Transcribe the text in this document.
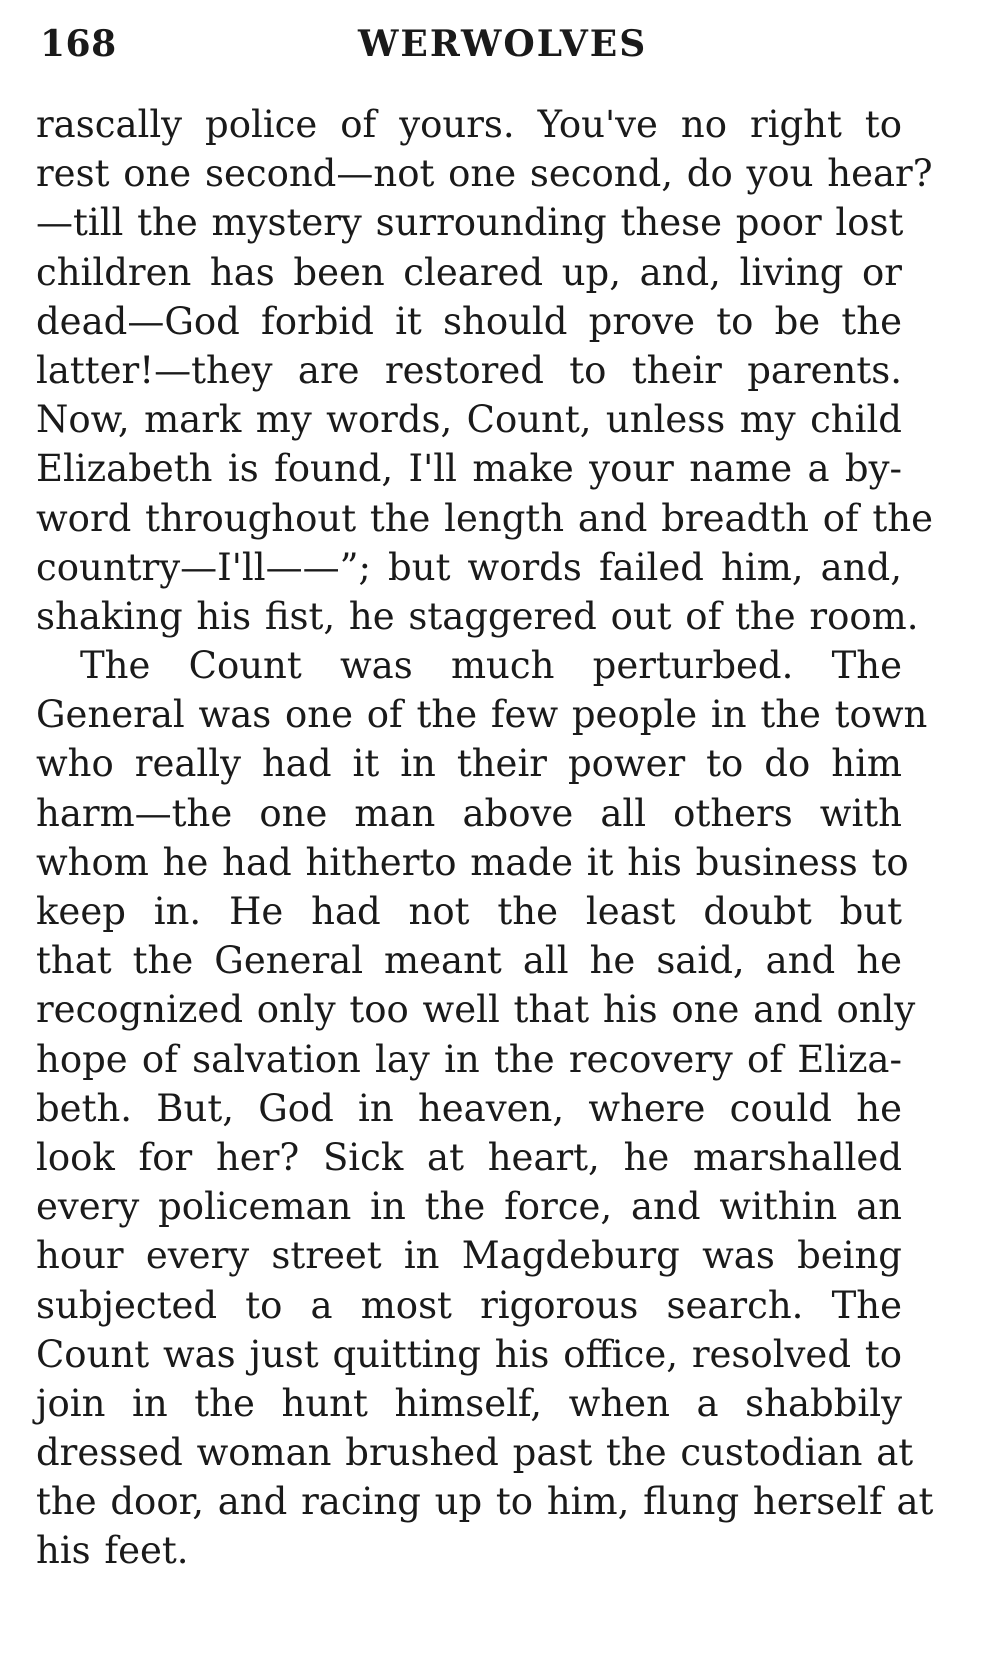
168	WERWOLVES
rascally police of yours. You've no right to
rest one second—not one second, do you hear?
—till the mystery surrounding these poor lost
children has been cleared up, and, living or
dead—God forbid it should prove to be the
latter!—they are restored to their parents.
Now, mark my words, Count, unless my child
Elizabeth is found, I'll make your name a by-
word throughout the length and breadth of the
country—I'll——”; but words failed him, and,
shaking his fist, he staggered out of the room.
The Count was much perturbed. The
General was one of the few people in the town
who really had it in their power to do him
harm—the one man above all others with
whom he had hitherto made it his business to
keep in. He had not the least doubt but
that the General meant all he said, and he
recognized only too well that his one and only
hope of salvation lay in the recovery of Eliza-
beth. But, God in heaven, where could he
look for her? Sick at heart, he marshalled
every policeman in the force, and within an
hour every street in Magdeburg was being
subjected to a most rigorous search. The
Count was just quitting his office, resolved to
join in the hunt himself, when a shabbily
dressed woman brushed past the custodian at
the door, and racing up to him, flung herself at
his feet.
